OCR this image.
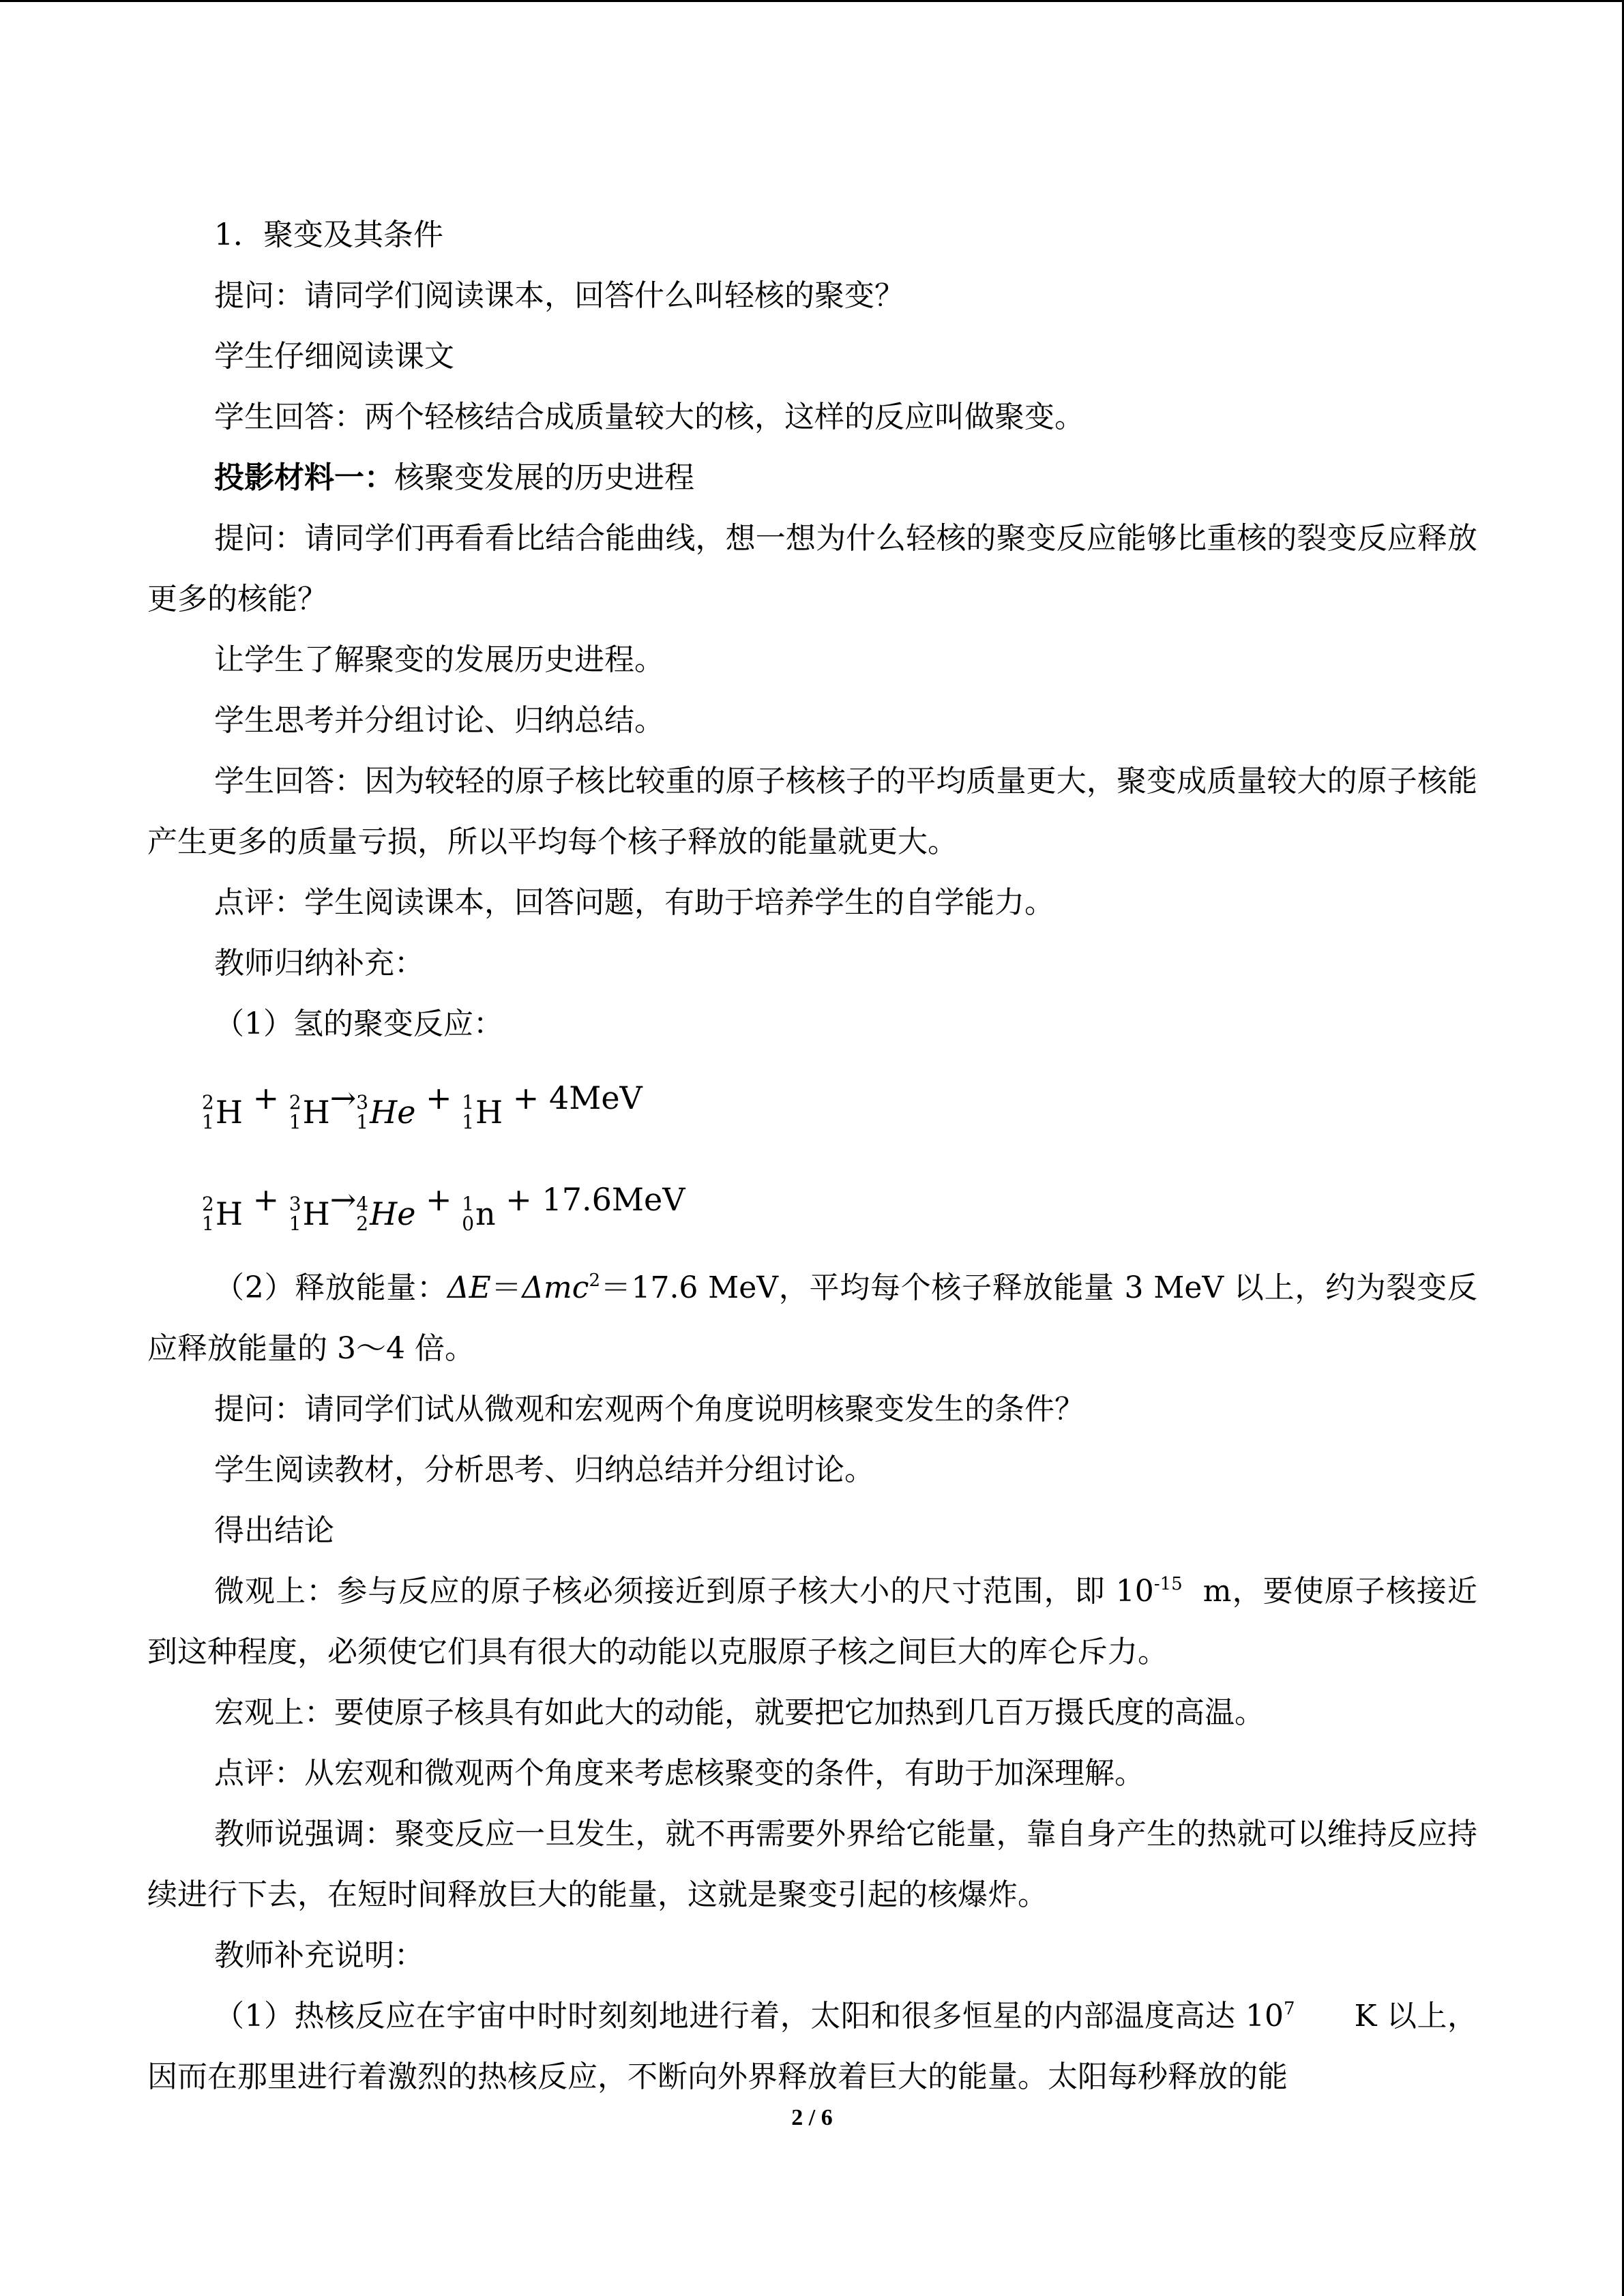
1．聚变及其条件

提问：请同学们阅读课本，回答什么叫轻核的聚变？

学生仔细阅读课文

学生回答：两个轻核结合成质量较大的核，这样的反应叫做聚变。

投影材料一：核聚变发展的历史进程

提问：请同学们再看看比结合能曲线，想一想为什么轻核的聚变反应能够比重核的裂变反应释放更多的核能？

让学生了解聚变的发展历史进程。

学生思考并分组讨论、归纳总结。

学生回答：因为较轻的原子核比较重的原子核核子的平均质量更大，聚变成质量较大的原子核能产生更多的质量亏损，所以平均每个核子释放的能量就更大。

点评：学生阅读课本，回答问题，有助于培养学生的自学能力。

教师归纳补充：

（1）氢的聚变反应：

2
1 H + 2
1 H → 3
1 He + 1
1 H + 4MeV
2
1 H + 3
1 H → 4
2 He + 1
0 n + 17.6MeV

（2）释放能量：ΔE＝Δmc$^2$＝17.6 MeV，平均每个核子释放能量 3 MeV 以上，约为裂变反应释放能量的 3～4 倍。

提问：请同学们试从微观和宏观两个角度说明核聚变发生的条件？

学生阅读教材，分析思考、归纳总结并分组讨论。

得出结论

微观上：参与反应的原子核必须接近到原子核大小的尺寸范围，即 $10^{-15}$  m，要使原子核接近到这种程度，必须使它们具有很大的动能以克服原子核之间巨大的库仑斥力。

宏观上：要使原子核具有如此大的动能，就要把它加热到几百万摄氏度的高温。

点评：从宏观和微观两个角度来考虑核聚变的条件，有助于加深理解。

教师说强调：聚变反应一旦发生，就不再需要外界给它能量，靠自身产生的热就可以维持反应持续进行下去，在短时间释放巨大的能量，这就是聚变引起的核爆炸。

教师补充说明：

（1）热核反应在宇宙中时时刻刻地进行着，太阳和很多恒星的内部温度高达 $10^7$      K 以上，因而在那里进行着激烈的热核反应，不断向外界释放着巨大的能量。太阳每秒释放的能

2 / 6
